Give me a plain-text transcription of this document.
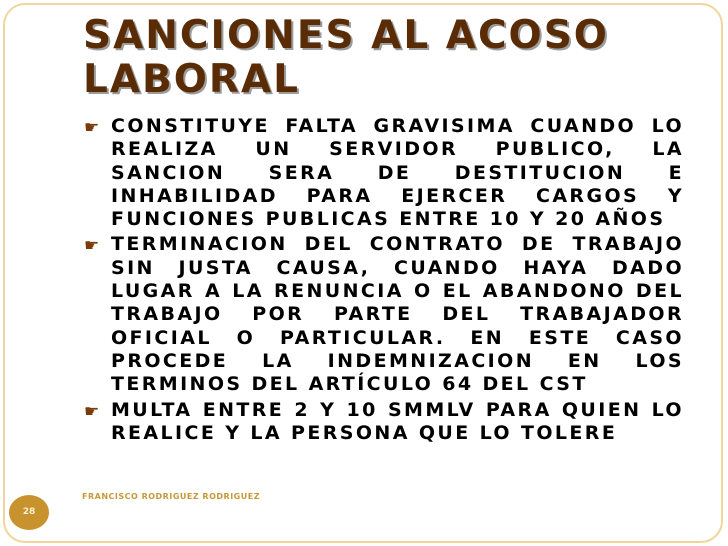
SANCIONES AL ACOSO LABORAL
☛ CONSTITUYE FALTA GRAVISIMA CUANDO LO REALIZA UN SERVIDOR PUBLICO, LA SANCION SERA DE DESTITUCION E INHABILIDAD PARA EJERCER CARGOS Y FUNCIONES PUBLICAS ENTRE 10 Y 20 AÑOS
☛ TERMINACION DEL CONTRATO DE TRABAJO SIN JUSTA CAUSA, CUANDO HAYA DADO LUGAR A LA RENUNCIA O EL ABANDONO DEL TRABAJO POR PARTE DEL TRABAJADOR OFICIAL O PARTICULAR. EN ESTE CASO PROCEDE LA INDEMNIZACION EN LOS TERMINOS DEL ARTÍCULO 64 DEL CST
☛ MULTA ENTRE 2 Y 10 SMMLV PARA QUIEN LO REALICE Y LA PERSONA QUE LO TOLERE
FRANCISCO RODRIGUEZ RODRIGUEZ
28
